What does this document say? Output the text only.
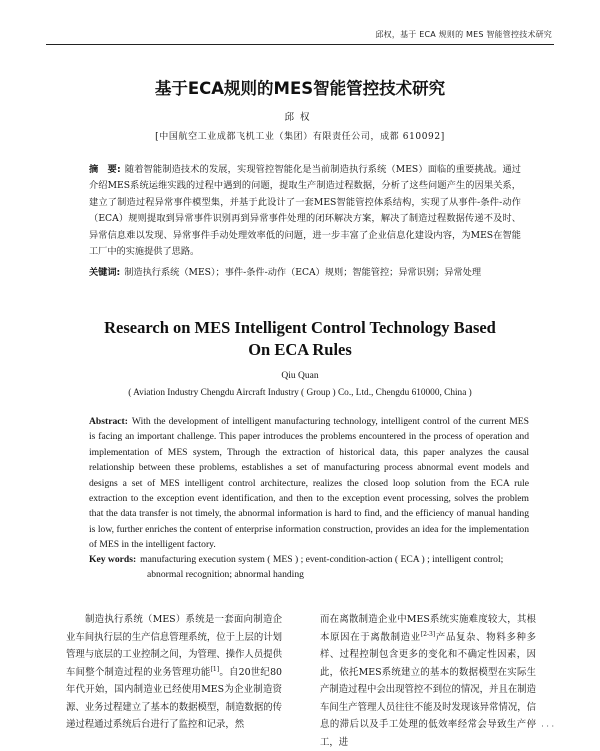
邱权，基于 ECA 规则的 MES 智能管控技术研究
基于ECA规则的MES智能管控技术研究
邱权
[中国航空工业成都飞机工业（集团）有限责任公司，成都 610092]
摘　要: 随着智能制造技术的发展，实现管控智能化是当前制造执行系统（MES）面临的重要挑战。通过介绍MES系统运维实践的过程中遇到的问题，提取生产制造过程数据，分析了这些问题产生的因果关系，建立了制造过程异常事件模型集，并基于此设计了一套MES智能管控体系结构，实现了从事件-条件-动作（ECA）规则提取到异常事件识别再到异常事件处理的闭环解决方案，解决了制造过程数据传递不及时、异常信息难以发现、异常事件手动处理效率低的问题，进一步丰富了企业信息化建设内容，为MES在智能工厂中的实施提供了思路。
关键词: 制造执行系统（MES）；事件-条件-动作（ECA）规则；智能管控；异常识别；异常处理
Research on MES Intelligent Control Technology Based
On ECA Rules
Qiu Quan
( Aviation Industry Chengdu Aircraft Industry ( Group ) Co., Ltd., Chengdu 610000, China )
Abstract: With the development of intelligent manufacturing technology, intelligent control of the current MES is facing an important challenge. This paper introduces the problems encountered in the process of operation and implementation of MES system, Through the extraction of historical data, this paper analyzes the causal relationship between these problems, establishes a set of manufacturing process abnormal event models and designs a set of MES intelligent control architecture, realizes the closed loop solution from the ECA rule extraction to the exception event identification, and then to the exception event processing, solves the problem that the data transfer is not timely, the abnormal information is hard to find, and the efficiency of manual handing is low, further enriches the content of enterprise information construction, provides an idea for the implementation of MES in the intelligent factory.
Key words: manufacturing execution system ( MES ) ; event-condition-action ( ECA ) ; intelligent control;
abnormal recognition; abnormal handing
制造执行系统（MES）系统是一套面向制造企业车间执行层的生产信息管理系统，位于上层的计划管理与底层的工业控制之间，为管理、操作人员提供车间整个制造过程的业务管理功能[1]。自20世纪80年代开始，国内制造业已经使用MES为企业制造资源、业务过程建立了基本的数据模型，制造数据的传递过程通过系统后台进行了监控和记录，然
而在离散制造企业中MES系统实施难度较大，其根本原因在于离散制造业[2-3]产品复杂、物料多种多样、过程控制包含更多的变化和不确定性因素，因此，依托MES系统建立的基本的数据模型在实际生产制造过程中会出现管控不到位的情况，并且在制造车间生产管理人员往往不能及时发现该异常情况，信息的滞后以及手工处理的低效率经常会导致生产停工，进
· · ·
